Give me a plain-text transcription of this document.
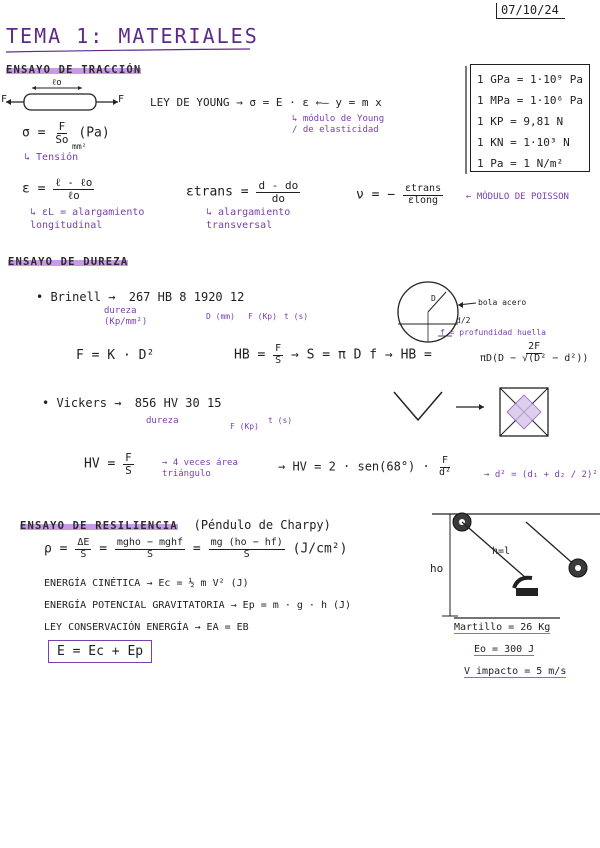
07/10/24
TEMA 1: MATERIALES
ENSAYO DE TRACCIÓN
ℓo
F	F
$\sigma = \frac{F}{So} (Pa)$
mm²
↳ Tensión
LEY DE YOUNG → σ = E · ε ←— y = m x
↳ módulo de Young / de elasticidad
1 GPa = 1·10⁹ Pa
1 MPa = 1·10⁶ Pa
1 KP = 9,81 N
1 KN = 1·10³ N
1 Pa = 1 N/m²
$\varepsilon = \frac{\text{ℓ - ℓo}}{\text{ℓo}}$
↳ εL = alargamiento longitudinal
εtrans = $\frac{d - do}{do}$
↳ alargamiento transversal
ν = − $\frac{\text{εtrans}}{\text{εlong}}$	← MÓDULO DE POISSON
ENSAYO DE DUREZA
• Brinell → 267 HB 8 1920 12
dureza (Kp/mm²)
D (mm) F (Kp) t (s)
bola acero
D
d/2
f = profundidad huella
F = K · D²	HB = $\frac{F}{S} \to S = \pi$ D f → HB =	$\frac{2F}{\text{πD(D − √(D² − d²))}}$
• Vickers → 856 HV 30 15
dureza
F (Kp)
t (s)
HV = $\frac{F}{S}$	→ 4 veces área triángulo
→ HV = $2 \cdot sen(68^\circ) \cdot \frac{F}{\text{d²}}$	→ d² = (d₁ + d₂ / 2)²
ENSAYO DE RESILIENCIA (Péndulo de Charpy)
$\rho = \frac{\Delta E}{S} = \frac{\text{mgho − mghf}}{S} = \frac{mg (ho - hf)}{S} (J/cm^2)$
ENERGÍA CINÉTICA → Ec = ½ m V² (J)
ENERGÍA POTENCIAL GRAVITATORIA → Ep = m · g · h (J)
LEY CONSERVACIÓN ENERGÍA → EA = EB
E = Ec + Ep
ho
h=l
Martillo = 26 Kg
Eo = 300 J
V impacto = 5 m/s
